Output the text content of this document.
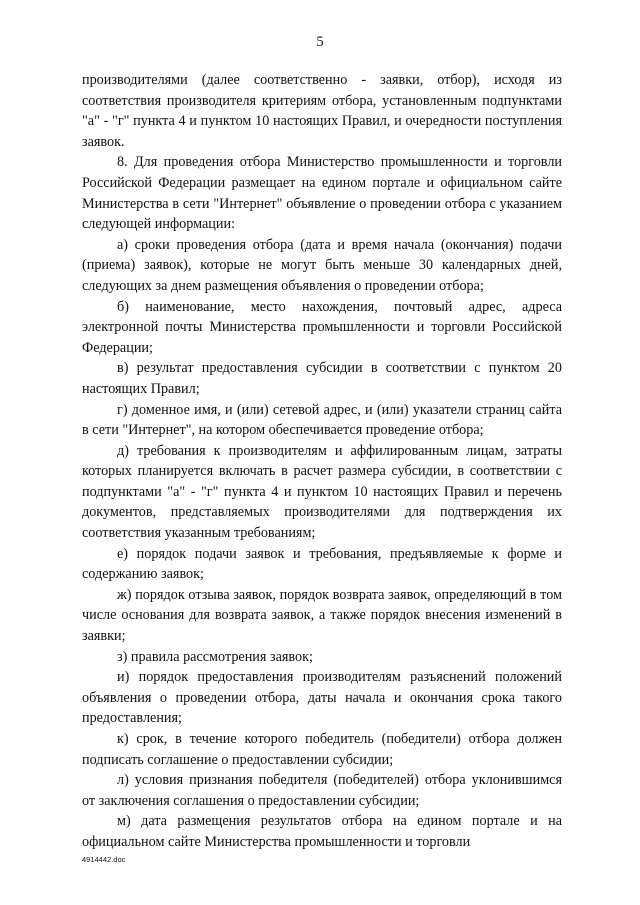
5

производителями (далее соответственно - заявки, отбор), исходя из соответствия производителя критериям отбора, установленным подпунктами "а" - "г" пункта 4 и пунктом 10 настоящих Правил, и очередности поступления заявок.

8. Для проведения отбора Министерство промышленности и торговли Российской Федерации размещает на едином портале и официальном сайте Министерства в сети "Интернет" объявление о проведении отбора с указанием следующей информации:

а) сроки проведения отбора (дата и время начала (окончания) подачи (приема) заявок), которые не могут быть меньше 30 календарных дней, следующих за днем размещения объявления о проведении отбора;

б) наименование, место нахождения, почтовый адрес, адреса электронной почты Министерства промышленности и торговли Российской Федерации;

в) результат предоставления субсидии в соответствии с пунктом 20 настоящих Правил;

г) доменное имя, и (или) сетевой адрес, и (или) указатели страниц сайта в сети "Интернет", на котором обеспечивается проведение отбора;

д) требования к производителям и аффилированным лицам, затраты которых планируется включать в расчет размера субсидии, в соответствии с подпунктами "а" - "г" пункта 4 и пунктом 10 настоящих Правил и перечень документов, представляемых производителями для подтверждения их соответствия указанным требованиям;

е) порядок подачи заявок и требования, предъявляемые к форме и содержанию заявок;

ж) порядок отзыва заявок, порядок возврата заявок, определяющий в том числе основания для возврата заявок, а также порядок внесения изменений в заявки;

з) правила рассмотрения заявок;

и) порядок предоставления производителям разъяснений положений объявления о проведении отбора, даты начала и окончания срока такого предоставления;

к) срок, в течение которого победитель (победители) отбора должен подписать соглашение о предоставлении субсидии;

л) условия признания победителя (победителей) отбора уклонившимся от заключения соглашения о предоставлении субсидии;

м) дата размещения результатов отбора на едином портале и на официальном сайте Министерства промышленности и торговли

4914442.doc
